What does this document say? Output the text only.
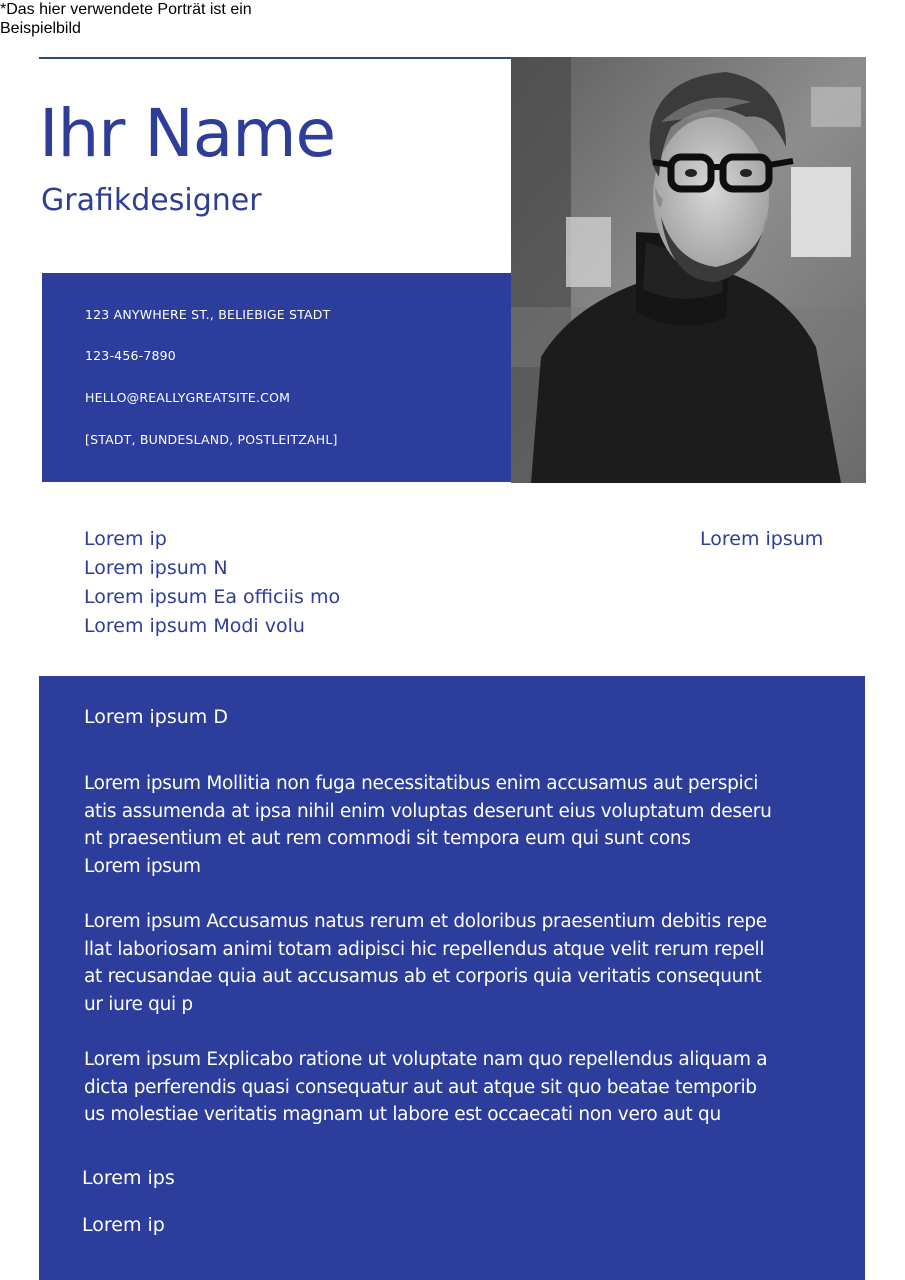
*Das hier verwendete Porträt ist ein
Beispielbild
Ihr Name
Grafikdesigner
123 ANYWHERE ST., BELIEBIGE STADT
123-456-7890
HELLO@REALLYGREATSITE.COM
[STADT, BUNDESLAND, POSTLEITZAHL]
Lorem ip
Lorem ipsum N
Lorem ipsum Ea officiis mo
Lorem ipsum Modi volu
Lorem ipsum
Lorem ipsum D
Lorem ipsum Mollitia non fuga necessitatibus enim accusamus aut perspici
atis assumenda at ipsa nihil enim voluptas deserunt eius voluptatum deseru
nt praesentium et aut rem commodi sit tempora eum qui sunt cons
Lorem ipsum
Lorem ipsum Accusamus natus rerum et doloribus praesentium debitis repe
llat laboriosam animi totam adipisci hic repellendus atque velit rerum repell
at recusandae quia aut accusamus ab et corporis quia veritatis consequunt
ur iure qui p
Lorem ipsum Explicabo ratione ut voluptate nam quo repellendus aliquam a
dicta perferendis quasi consequatur aut aut atque sit quo beatae temporib
us molestiae veritatis magnam ut labore est occaecati non vero aut qu
Lorem ips
Lorem ip
